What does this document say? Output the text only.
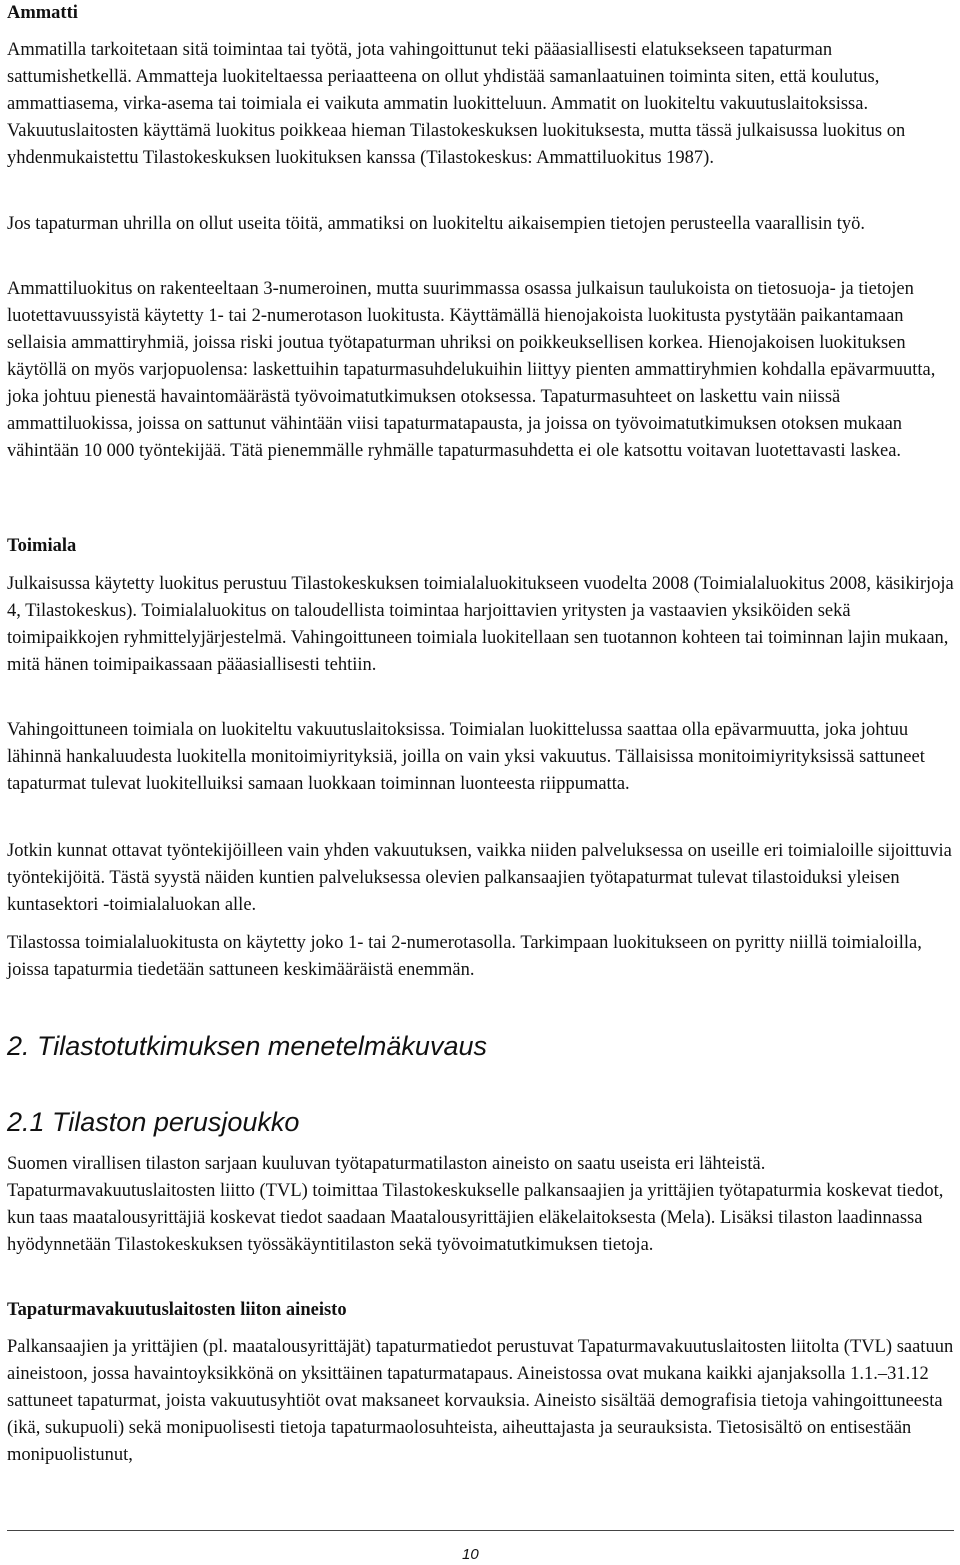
Ammatti

Ammatilla tarkoitetaan sitä toimintaa tai työtä, jota vahingoittunut teki pääasiallisesti elatuksekseen tapaturman sattumishetkellä. Ammatteja luokiteltaessa periaatteena on ollut yhdistää samanlaatuinen toiminta siten, että koulutus, ammattiasema, virka-asema tai toimiala ei vaikuta ammatin luokitteluun. Ammatit on luokiteltu vakuutuslaitoksissa. Vakuutuslaitosten käyttämä luokitus poikkeaa hieman Tilastokeskuksen luokituksesta, mutta tässä julkaisussa luokitus on yhdenmukaistettu Tilastokeskuksen luokituksen kanssa (Tilastokeskus: Ammattiluokitus 1987).

Jos tapaturman uhrilla on ollut useita töitä, ammatiksi on luokiteltu aikaisempien tietojen perusteella vaarallisin työ.

Ammattiluokitus on rakenteeltaan 3-numeroinen, mutta suurimmassa osassa julkaisun taulukoista on tietosuoja- ja tietojen luotettavuussyistä käytetty 1- tai 2-numerotason luokitusta. Käyttämällä hienojakoista luokitusta pystytään paikantamaan sellaisia ammattiryhmiä, joissa riski joutua työtapaturman uhriksi on poikkeuksellisen korkea. Hienojakoisen luokituksen käytöllä on myös varjopuolensa: laskettuihin tapaturmasuhdelukuihin liittyy pienten ammattiryhmien kohdalla epävarmuutta, joka johtuu pienestä havaintomäärästä työvoimatutkimuksen otoksessa. Tapaturmasuhteet on laskettu vain niissä ammattiluokissa, joissa on sattunut vähintään viisi tapaturmatapausta, ja joissa on työvoimatutkimuksen otoksen mukaan vähintään 10 000 työntekijää. Tätä pienemmälle ryhmälle tapaturmasuhdetta ei ole katsottu voitavan luotettavasti laskea.

Toimiala

Julkaisussa käytetty luokitus perustuu Tilastokeskuksen toimialaluokitukseen vuodelta 2008 (Toimialaluokitus 2008, käsikirjoja 4, Tilastokeskus). Toimialaluokitus on taloudellista toimintaa harjoittavien yritysten ja vastaavien yksiköiden sekä toimipaikkojen ryhmittelyjärjestelmä. Vahingoittuneen toimiala luokitellaan sen tuotannon kohteen tai toiminnan lajin mukaan, mitä hänen toimipaikassaan pääasiallisesti tehtiin.

Vahingoittuneen toimiala on luokiteltu vakuutuslaitoksissa. Toimialan luokittelussa saattaa olla epävarmuutta, joka johtuu lähinnä hankaluudesta luokitella monitoimiyrityksiä, joilla on vain yksi vakuutus. Tällaisissa monitoimiyrityksissä sattuneet tapaturmat tulevat luokitelluiksi samaan luokkaan toiminnan luonteesta riippumatta.

Jotkin kunnat ottavat työntekijöilleen vain yhden vakuutuksen, vaikka niiden palveluksessa on useille eri toimialoille sijoittuvia työntekijöitä. Tästä syystä näiden kuntien palveluksessa olevien palkansaajien työtapaturmat tulevat tilastoiduksi yleisen kuntasektori -toimialaluokan alle.

Tilastossa toimialaluokitusta on käytetty joko 1- tai 2-numerotasolla. Tarkimpaan luokitukseen on pyritty niillä toimialoilla, joissa tapaturmia tiedetään sattuneen keskimääräistä enemmän.

2. Tilastotutkimuksen menetelmäkuvaus
2.1 Tilaston perusjoukko

Suomen virallisen tilaston sarjaan kuuluvan työtapaturmatilaston aineisto on saatu useista eri lähteistä. Tapaturmavakuutuslaitosten liitto (TVL) toimittaa Tilastokeskukselle palkansaajien ja yrittäjien työtapaturmia koskevat tiedot, kun taas maatalousyrittäjiä koskevat tiedot saadaan Maatalousyrittäjien eläkelaitoksesta (Mela). Lisäksi tilaston laadinnassa hyödynnetään Tilastokeskuksen työssäkäyntitilaston sekä työvoimatutkimuksen tietoja.

Tapaturmavakuutuslaitosten liiton aineisto

Palkansaajien ja yrittäjien (pl. maatalousyrittäjät) tapaturmatiedot perustuvat Tapaturmavakuutuslaitosten liitolta (TVL) saatuun aineistoon, jossa havaintoyksikkönä on yksittäinen tapaturmatapaus. Aineistossa ovat mukana kaikki ajanjaksolla 1.1.–31.12 sattuneet tapaturmat, joista vakuutusyhtiöt ovat maksaneet korvauksia. Aineisto sisältää demografisia tietoja vahingoittuneesta (ikä, sukupuoli) sekä monipuolisesti tietoja tapaturmaolosuhteista, aiheuttajasta ja seurauksista. Tietosisältö on entisestään monipuolistunut,

10
